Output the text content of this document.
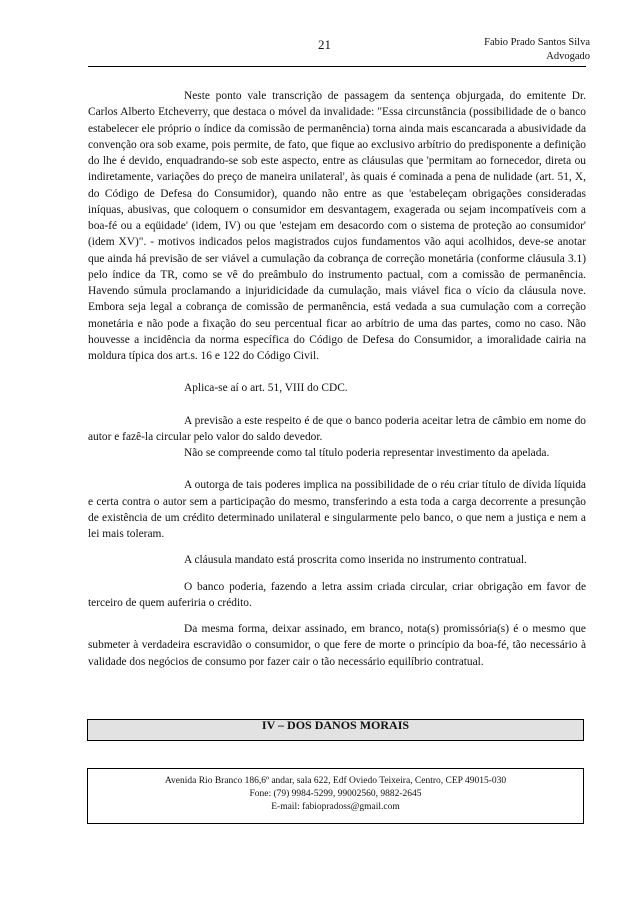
21	Fabio Prado Santos Silva
Advogado

Neste ponto vale transcrição de passagem da sentença objurgada, do emitente Dr. Carlos Alberto Etcheverry, que destaca o móvel da invalidade: "Essa circunstância (possibilidade de o banco estabelecer ele próprio o índice da comissão de permanência) torna ainda mais escancarada a abusividade da convenção ora sob exame, pois permite, de fato, que fique ao exclusivo arbítrio do predisponente a definição do lhe é devido, enquadrando-se sob este aspecto, entre as cláusulas que 'permitam ao fornecedor, direta ou indiretamente, variações do preço de maneira unilateral', às quais é cominada a pena de nulidade (art. 51, X, do Código de Defesa do Consumidor), quando não entre as que 'estabeleçam obrigações consideradas iníquas, abusivas, que coloquem o consumidor em desvantagem, exagerada ou sejam incompatíveis com a boa-fé ou a eqüidade' (idem, IV) ou que 'estejam em desacordo com o sistema de proteção ao consumidor' (idem XV)". - motivos indicados pelos magistrados cujos fundamentos vão aqui acolhidos, deve-se anotar que ainda há previsão de ser viável a cumulação da cobrança de correção monetária (conforme cláusula 3.1) pelo índice da TR, como se vê do preâmbulo do instrumento pactual, com a comissão de permanência. Havendo súmula proclamando a injuridicidade da cumulação, mais viável fica o vício da cláusula nove. Embora seja legal a cobrança de comissão de permanência, está vedada a sua cumulação com a correção monetária e não pode a fixação do seu percentual ficar ao arbítrio de uma das partes, como no caso. Não houvesse a incidência da norma específica do Código de Defesa do Consumidor, a imoralidade cairia na moldura típica dos art.s. 16 e 122 do Código Civil.

Aplica-se aí o art. 51, VIII do CDC.

A previsão a este respeito é de que o banco poderia aceitar letra de câmbio em nome do autor e fazê-la circular pelo valor do saldo devedor.

Não se compreende como tal título poderia representar investimento da apelada.

A outorga de tais poderes implica na possibilidade de o réu criar título de dívida líquida e certa contra o autor sem a participação do mesmo, transferindo a esta toda a carga decorrente a presunção de existência de um crédito determinado unilateral e singularmente pelo banco, o que nem a justiça e nem a lei mais toleram.

A cláusula mandato está proscrita como inserida no instrumento contratual.

O banco poderia, fazendo a letra assim criada circular, criar obrigação em favor de terceiro de quem auferiria o crédito.

Da mesma forma, deixar assinado, em branco, nota(s) promissória(s) é o mesmo que submeter à verdadeira escravidão o consumidor, o que fere de morte o princípio da boa-fé, tão necessário à validade dos negócios de consumo por fazer cair o tão necessário equilíbrio contratual.

IV – DOS DANOS MORAIS
Avenida Rio Branco 186,6º andar, sala 622, Edf Oviedo Teixeira, Centro, CEP 49015-030
Fone: (79) 9984-5299, 99002560, 9882-2645
E-mail: fabiopradoss@gmail.com
